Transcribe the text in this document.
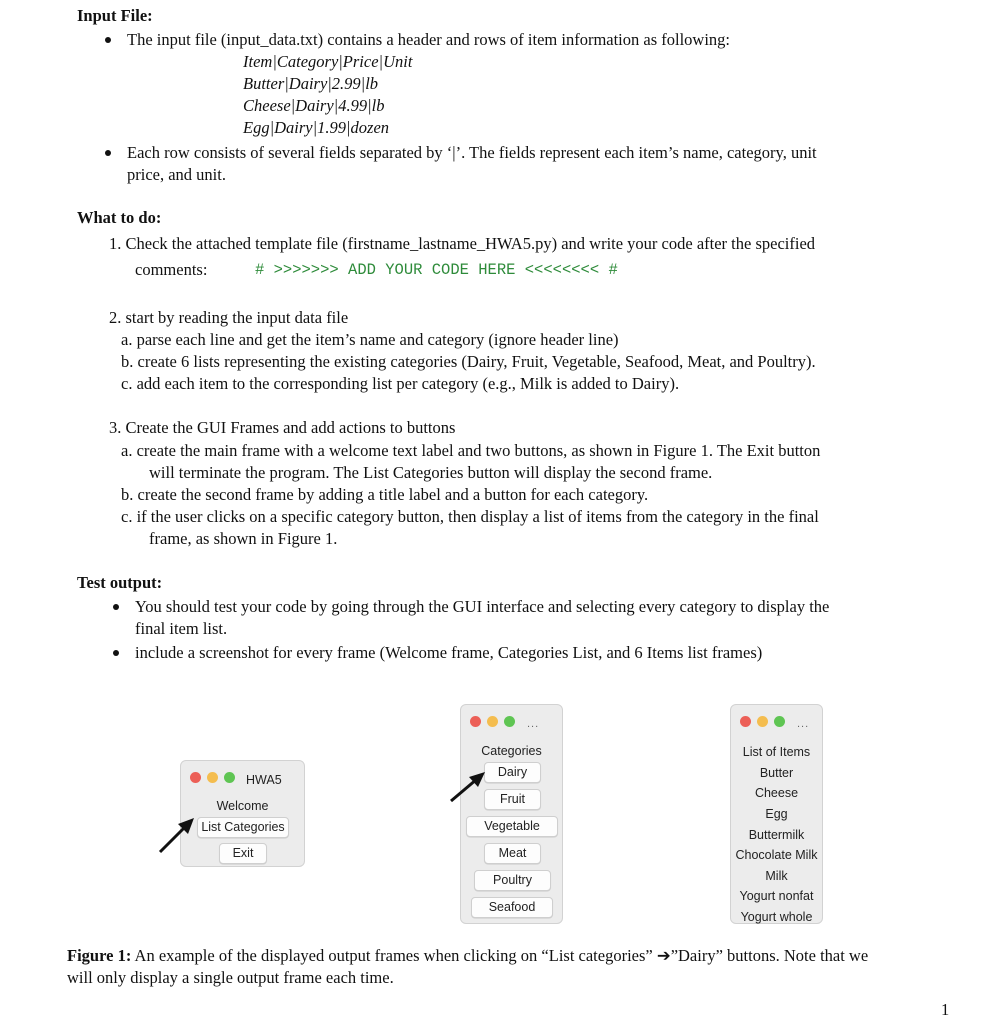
Input File:
The input file (input_data.txt) contains a header and rows of item information as following:
Item|Category|Price|Unit
Butter|Dairy|2.99|lb
Cheese|Dairy|4.99|lb
Egg|Dairy|1.99|dozen
Each row consists of several fields separated by ‘|’. The fields represent each item’s name, category, unit
price, and unit.
What to do:
1. Check the attached template file (firstname_lastname_HWA5.py) and write your code after the specified
comments:	# >>>>>>> ADD YOUR CODE HERE <<<<<<<< #
2. start by reading the input data file
a. parse each line and get the item’s name and category (ignore header line)
b. create 6 lists representing the existing categories (Dairy, Fruit, Vegetable, Seafood, Meat, and Poultry).
c. add each item to the corresponding list per category (e.g., Milk is added to Dairy).
3. Create the GUI Frames and add actions to buttons
a. create the main frame with a welcome text label and two buttons, as shown in Figure 1. The Exit button
will terminate the program. The List Categories button will display the second frame.
b. create the second frame by adding a title label and a button for each category.
c. if the user clicks on a specific category button, then display a list of items from the category in the final
frame, as shown in Figure 1.
Test output:
You should test your code by going through the GUI interface and selecting every category to display the
final item list.
include a screenshot for every frame (Welcome frame, Categories List, and 6 Items list frames)
HWA5
Welcome
List Categories
Exit
...
Categories
Dairy
Fruit
Vegetable
Meat
Poultry
Seafood
...
List of Items
Butter
Cheese
Egg
Buttermilk
Chocolate Milk
Milk
Yogurt nonfat
Yogurt whole
Figure 1: An example of the displayed output frames when clicking on “List categories” ➔”Dairy” buttons. Note that we
will only display a single output frame each time.
1
